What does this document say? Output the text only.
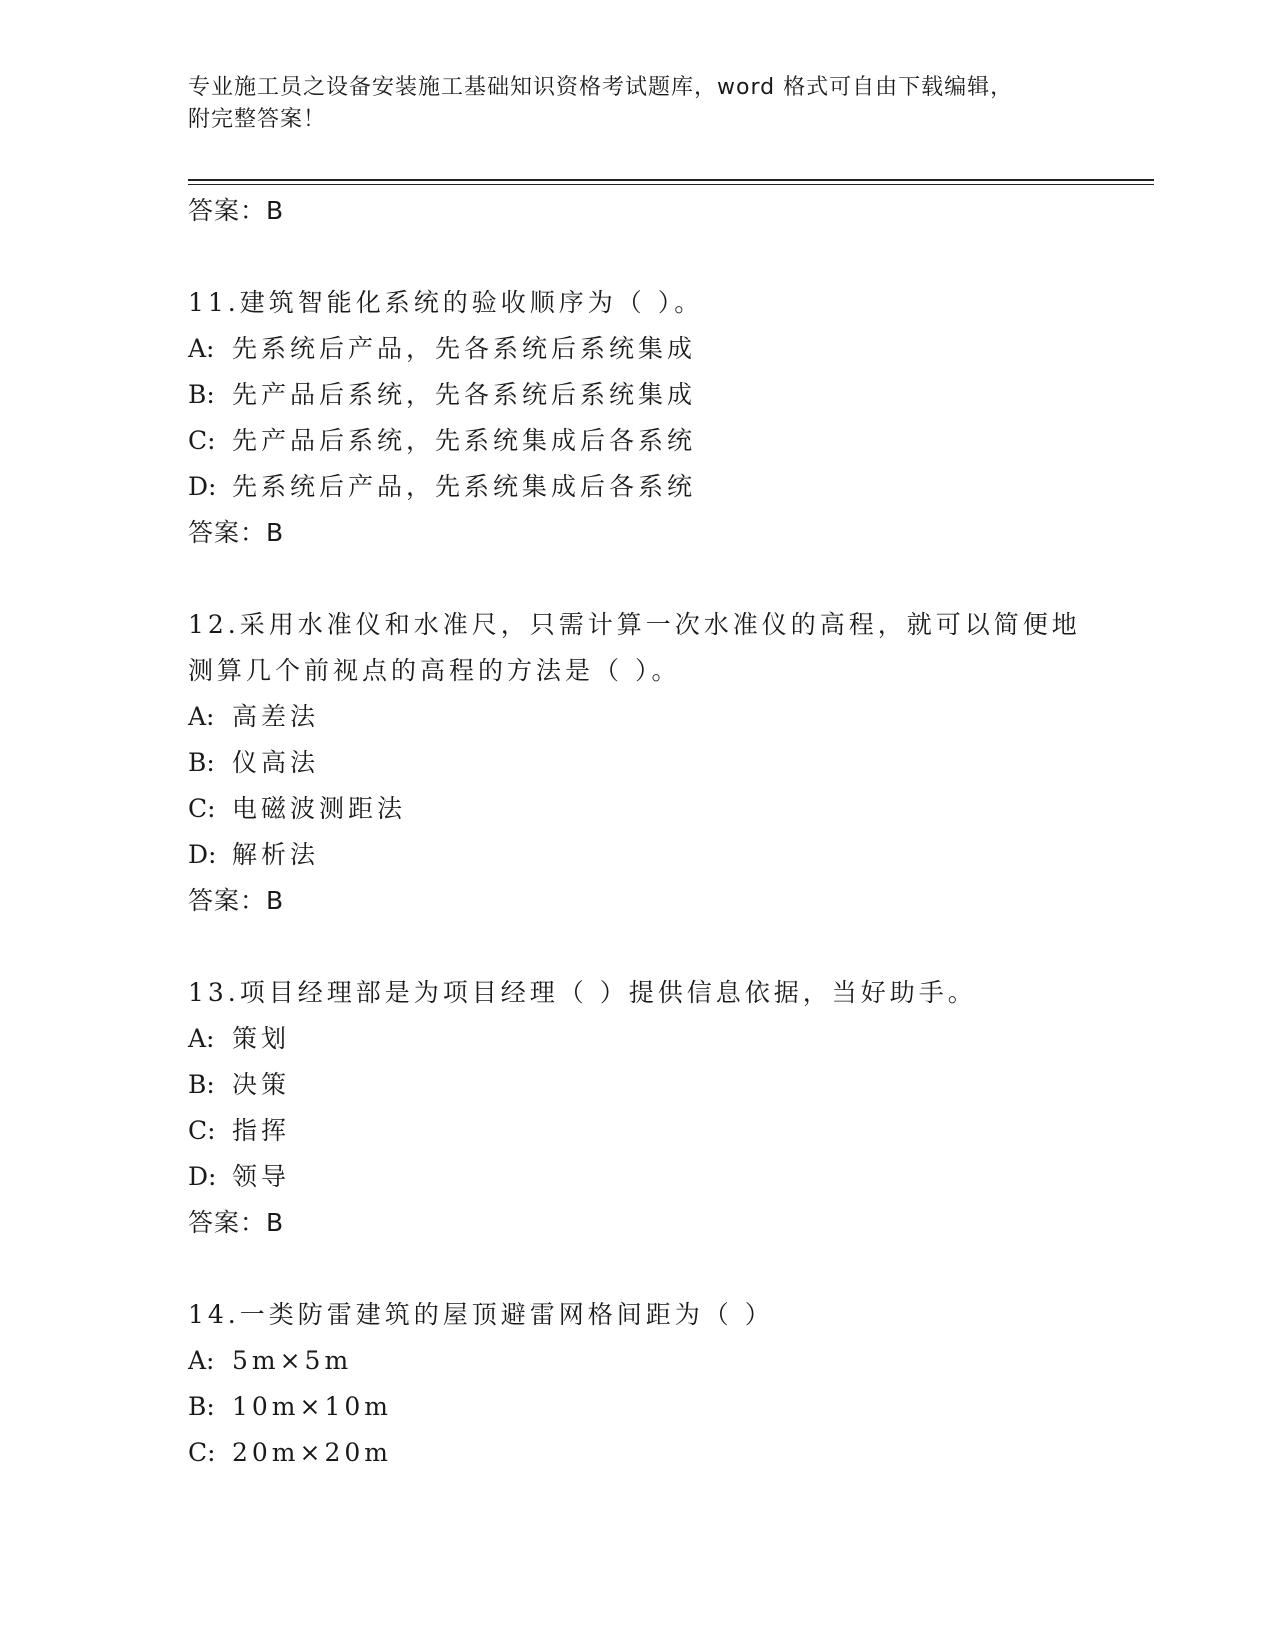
专业施工员之设备安装施工基础知识资格考试题库，word 格式可自由下载编辑，
附完整答案！
答案：B
11.建筑智能化系统的验收顺序为（ ）。
A: 先系统后产品，先各系统后系统集成
B: 先产品后系统，先各系统后系统集成
C: 先产品后系统，先系统集成后各系统
D: 先系统后产品，先系统集成后各系统
答案：B
12.采用水准仪和水准尺，只需计算一次水准仪的高程，就可以简便地
测算几个前视点的高程的方法是（ ）。
A: 高差法
B: 仪高法
C: 电磁波测距法
D: 解析法
答案：B
13.项目经理部是为项目经理（ ）提供信息依据，当好助手。
A: 策划
B: 决策
C: 指挥
D: 领导
答案：B
14.一类防雷建筑的屋顶避雷网格间距为（ ）
A: 5m×5m
B: 10m×10m
C: 20m×20m
